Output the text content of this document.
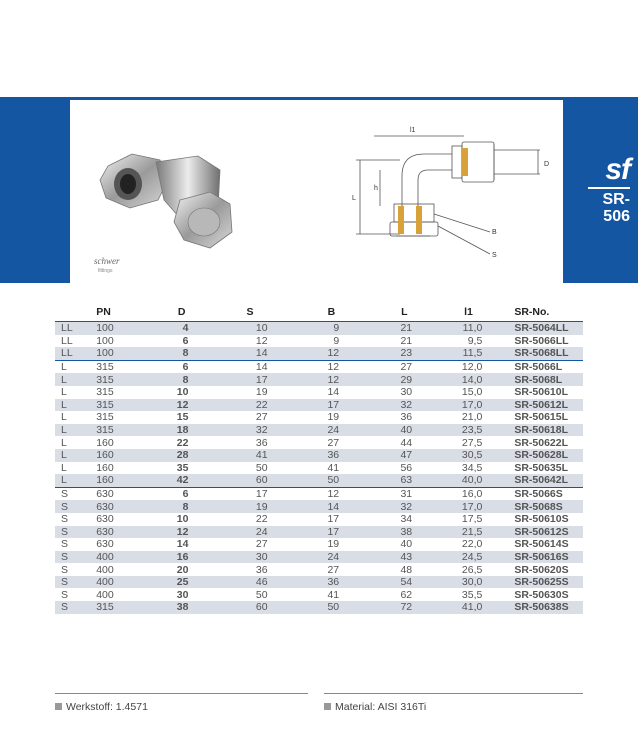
schwer
fittings
D
h
L
B
S
l1
sf
SR-
506
	PN	D	S	B	L	l1	SR-No.
LL	100	4	10	9	21	11,0	SR-5064LL
LL	100	6	12	9	21	9,5	SR-5066LL
LL	100	8	14	12	23	11,5	SR-5068LL
L	315	6	14	12	27	12,0	SR-5066L
L	315	8	17	12	29	14,0	SR-5068L
L	315	10	19	14	30	15,0	SR-50610L
L	315	12	22	17	32	17,0	SR-50612L
L	315	15	27	19	36	21,0	SR-50615L
L	315	18	32	24	40	23,5	SR-50618L
L	160	22	36	27	44	27,5	SR-50622L
L	160	28	41	36	47	30,5	SR-50628L
L	160	35	50	41	56	34,5	SR-50635L
L	160	42	60	50	63	40,0	SR-50642L
S	630	6	17	12	31	16,0	SR-5066S
S	630	8	19	14	32	17,0	SR-5068S
S	630	10	22	17	34	17,5	SR-50610S
S	630	12	24	17	38	21,5	SR-50612S
S	630	14	27	19	40	22,0	SR-50614S
S	400	16	30	24	43	24,5	SR-50616S
S	400	20	36	27	48	26,5	SR-50620S
S	400	25	46	36	54	30,0	SR-50625S
S	400	30	50	41	62	35,5	SR-50630S
S	315	38	60	50	72	41,0	SR-50638S
Werkstoff: 1.4571	Material: AISI 316Ti
